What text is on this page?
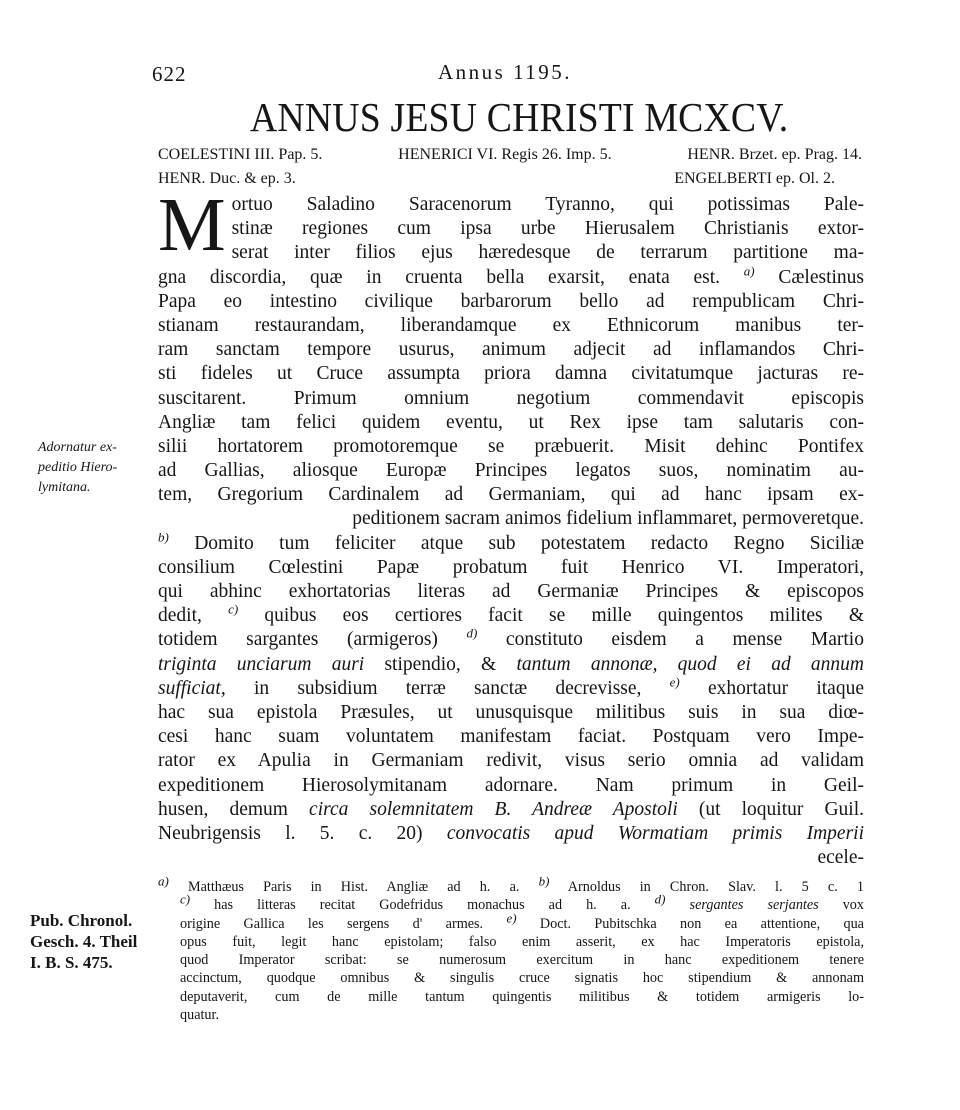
622	Annus 1195.
ANNUS JESU CHRISTI MCXCV.
COELESTINI III. Pap. 5.	HENERICI VI. Regis 26. Imp. 5.	HENR. Brzet. ep. Prag. 14.
HENR. Duc. & ep. 3.	ENGELBERTI ep. Ol. 2.
Adornatur ex-
peditio Hiero-
lymitana.
M ortuo Saladino Saracenorum Tyranno, qui potissimas Pale-
stinæ regiones cum ipsa urbe Hierusalem Christianis extor-
serat inter filios ejus hæredesque de terrarum partitione ma-
gna discordia, quæ in cruenta bella exarsit, enata est. $^{a)}$ Cælestinus
Papa eo intestino civilique barbarorum bello ad rempublicam Chri-
stianam restaurandam, liberandamque ex Ethnicorum manibus ter-
ram sanctam tempore usurus, animum adjecit ad inflamandos Chri-
sti fideles ut Cruce assumpta priora damna civitatumque jacturas re-
suscitarent. Primum omnium negotium commendavit episcopis
Angliæ tam felici quidem eventu, ut Rex ipse tam salutaris con-
silii hortatorem promotoremque se præbuerit. Misit dehinc Pontifex
ad Gallias, aliosque Europæ Principes legatos suos, nominatim au-
tem, Gregorium Cardinalem ad Germaniam, qui ad hanc ipsam ex-
peditionem sacram animos fidelium inflammaret, permoveretque.
$^{b)}$ Domito tum feliciter atque sub potestatem redacto Regno Siciliæ
consilium Cœlestini Papæ probatum fuit Henrico VI. Imperatori,
qui abhinc exhortatorias literas ad Germaniæ Principes & episcopos
dedit, $^{c)}$ quibus eos certiores facit se mille quingentos milites &
totidem sargantes (armigeros) $^{d)}$ constituto eisdem a mense Martio
triginta unciarum auri stipendio, & tantum annonæ, quod ei ad annum
sufficiat, in subsidium terræ sanctæ decrevisse, $^{e)}$ exhortatur itaque
hac sua epistola Præsules, ut unusquisque militibus suis in sua diœ-
cesi hanc suam voluntatem manifestam faciat. Postquam vero Impe-
rator ex Apulia in Germaniam redivit, visus serio omnia ad validam
expeditionem Hierosolymitanam adornare. Nam primum in Geil-
husen, demum circa solemnitatem B. Andreæ Apostoli (ut loquitur Guil.
Neubrigensis l. 5. c. 20) convocatis apud Wormatiam primis Imperii
ecele-
a) Matthæus Paris in Hist. Angliæ ad h. a. b) Arnoldus in Chron. Slav. l. 5 c. 1
c) has litteras recitat Godefridus monachus ad h. a. d) sergantes serjantes vox
origine Gallica les sergens d' armes. e) Doct. Pubitschka non ea attentione, qua
opus fuit, legit hanc epistolam; falso enim asserit, ex hac Imperatoris epistola,
quod Imperator scribat: se numerosum exercitum in hanc expeditionem tenere
accinctum, quodque omnibus & singulis cruce signatis hoc stipendium & annonam
deputaverit, cum de mille tantum quingentis militibus & totidem armigeris lo-
quatur.
Pub. Chronol.
Gesch. 4. Theil
I. B. S. 475.
